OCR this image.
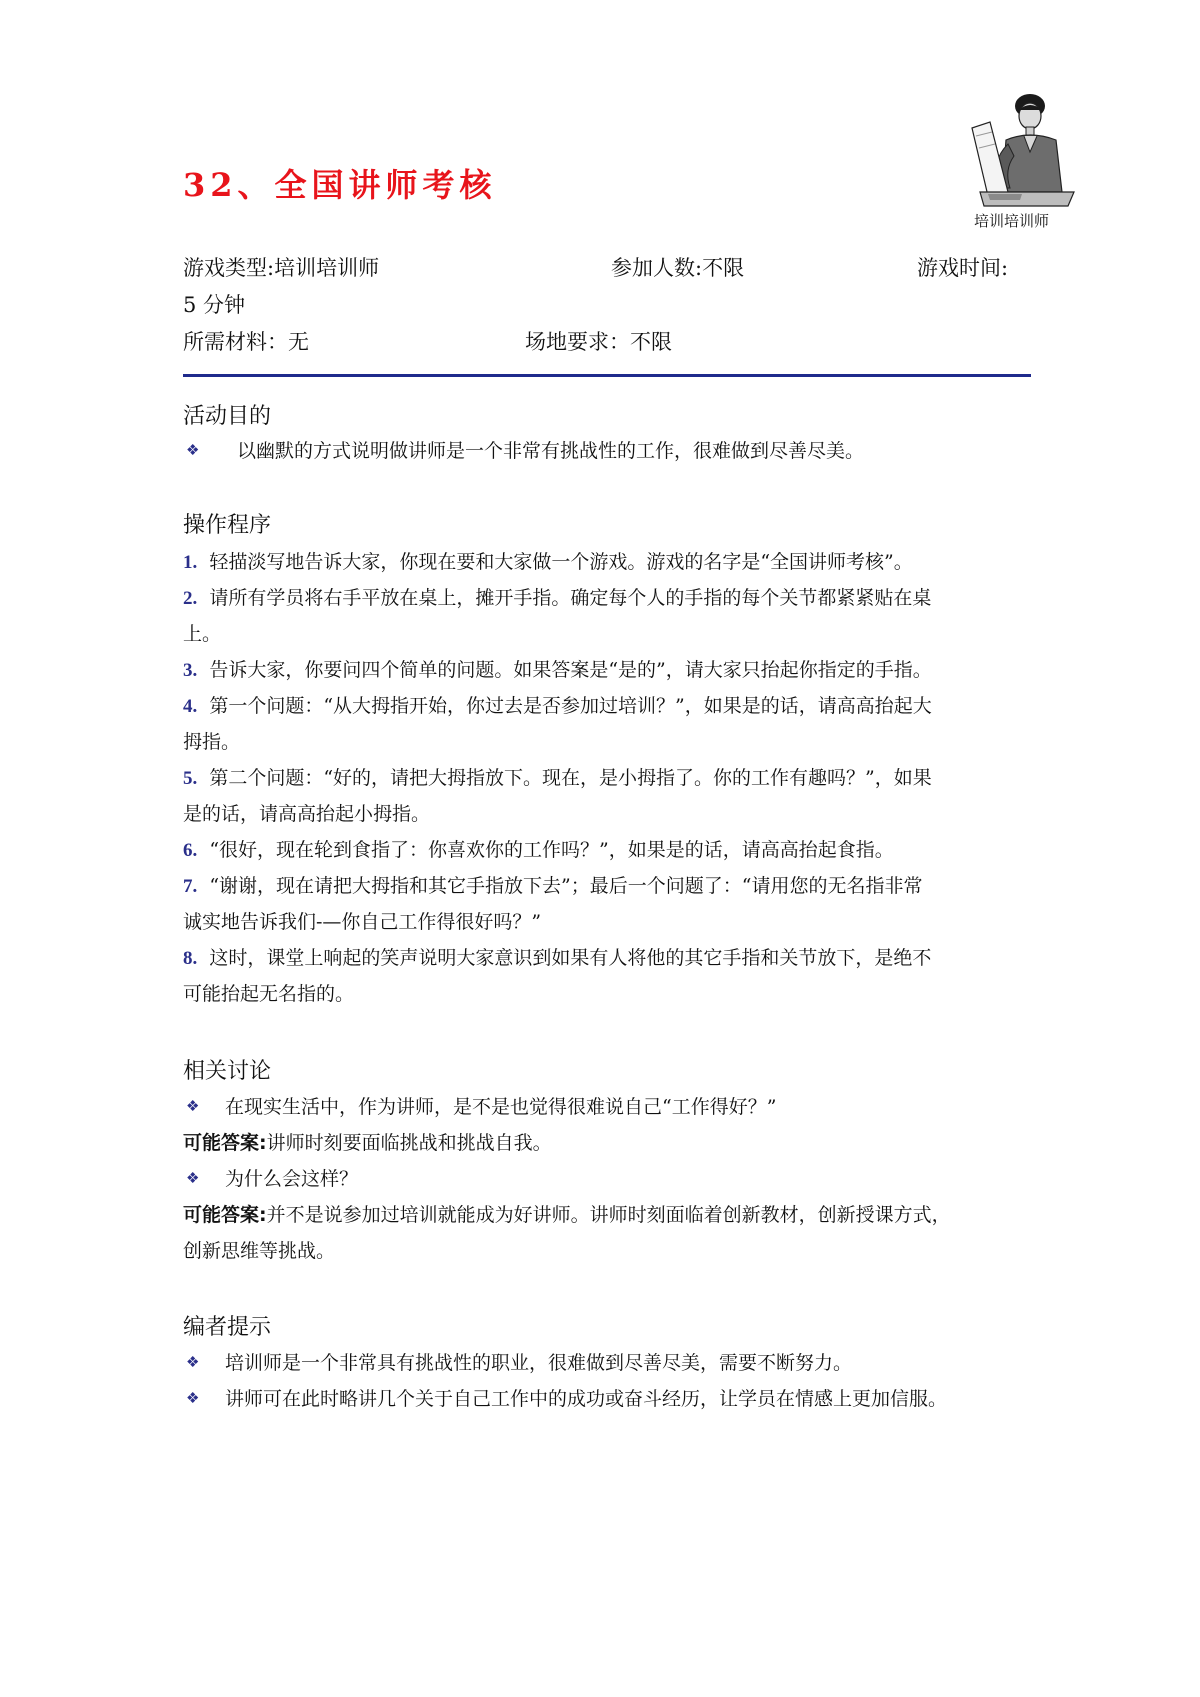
32、全国讲师考核
培训培训师
游戏类型:培训培训师	参加人数:不限	游戏时间:
5 分钟
所需材料：无	场地要求：不限
活动目的
❖ 以幽默的方式说明做讲师是一个非常有挑战性的工作，很难做到尽善尽美。
操作程序
1. 轻描淡写地告诉大家，你现在要和大家做一个游戏。游戏的名字是“全国讲师考核”。
2. 请所有学员将右手平放在桌上，摊开手指。确定每个人的手指的每个关节都紧紧贴在桌
上。
3. 告诉大家，你要问四个简单的问题。如果答案是“是的”，请大家只抬起你指定的手指。
4. 第一个问题：“从大拇指开始，你过去是否参加过培训？”，如果是的话，请高高抬起大
拇指。
5. 第二个问题：“好的，请把大拇指放下。现在，是小拇指了。你的工作有趣吗？”，如果
是的话，请高高抬起小拇指。
6. “很好，现在轮到食指了：你喜欢你的工作吗？”，如果是的话，请高高抬起食指。
7. “谢谢，现在请把大拇指和其它手指放下去”；最后一个问题了：“请用您的无名指非常
诚实地告诉我们-—你自己工作得很好吗？”
8. 这时，课堂上响起的笑声说明大家意识到如果有人将他的其它手指和关节放下，是绝不
可能抬起无名指的。
相关讨论
❖ 在现实生活中，作为讲师，是不是也觉得很难说自己“工作得好？”
可能答案:讲师时刻要面临挑战和挑战自我。
❖ 为什么会这样？
可能答案:并不是说参加过培训就能成为好讲师。讲师时刻面临着创新教材，创新授课方式，
创新思维等挑战。
编者提示
❖ 培训师是一个非常具有挑战性的职业，很难做到尽善尽美，需要不断努力。
❖ 讲师可在此时略讲几个关于自己工作中的成功或奋斗经历，让学员在情感上更加信服。
